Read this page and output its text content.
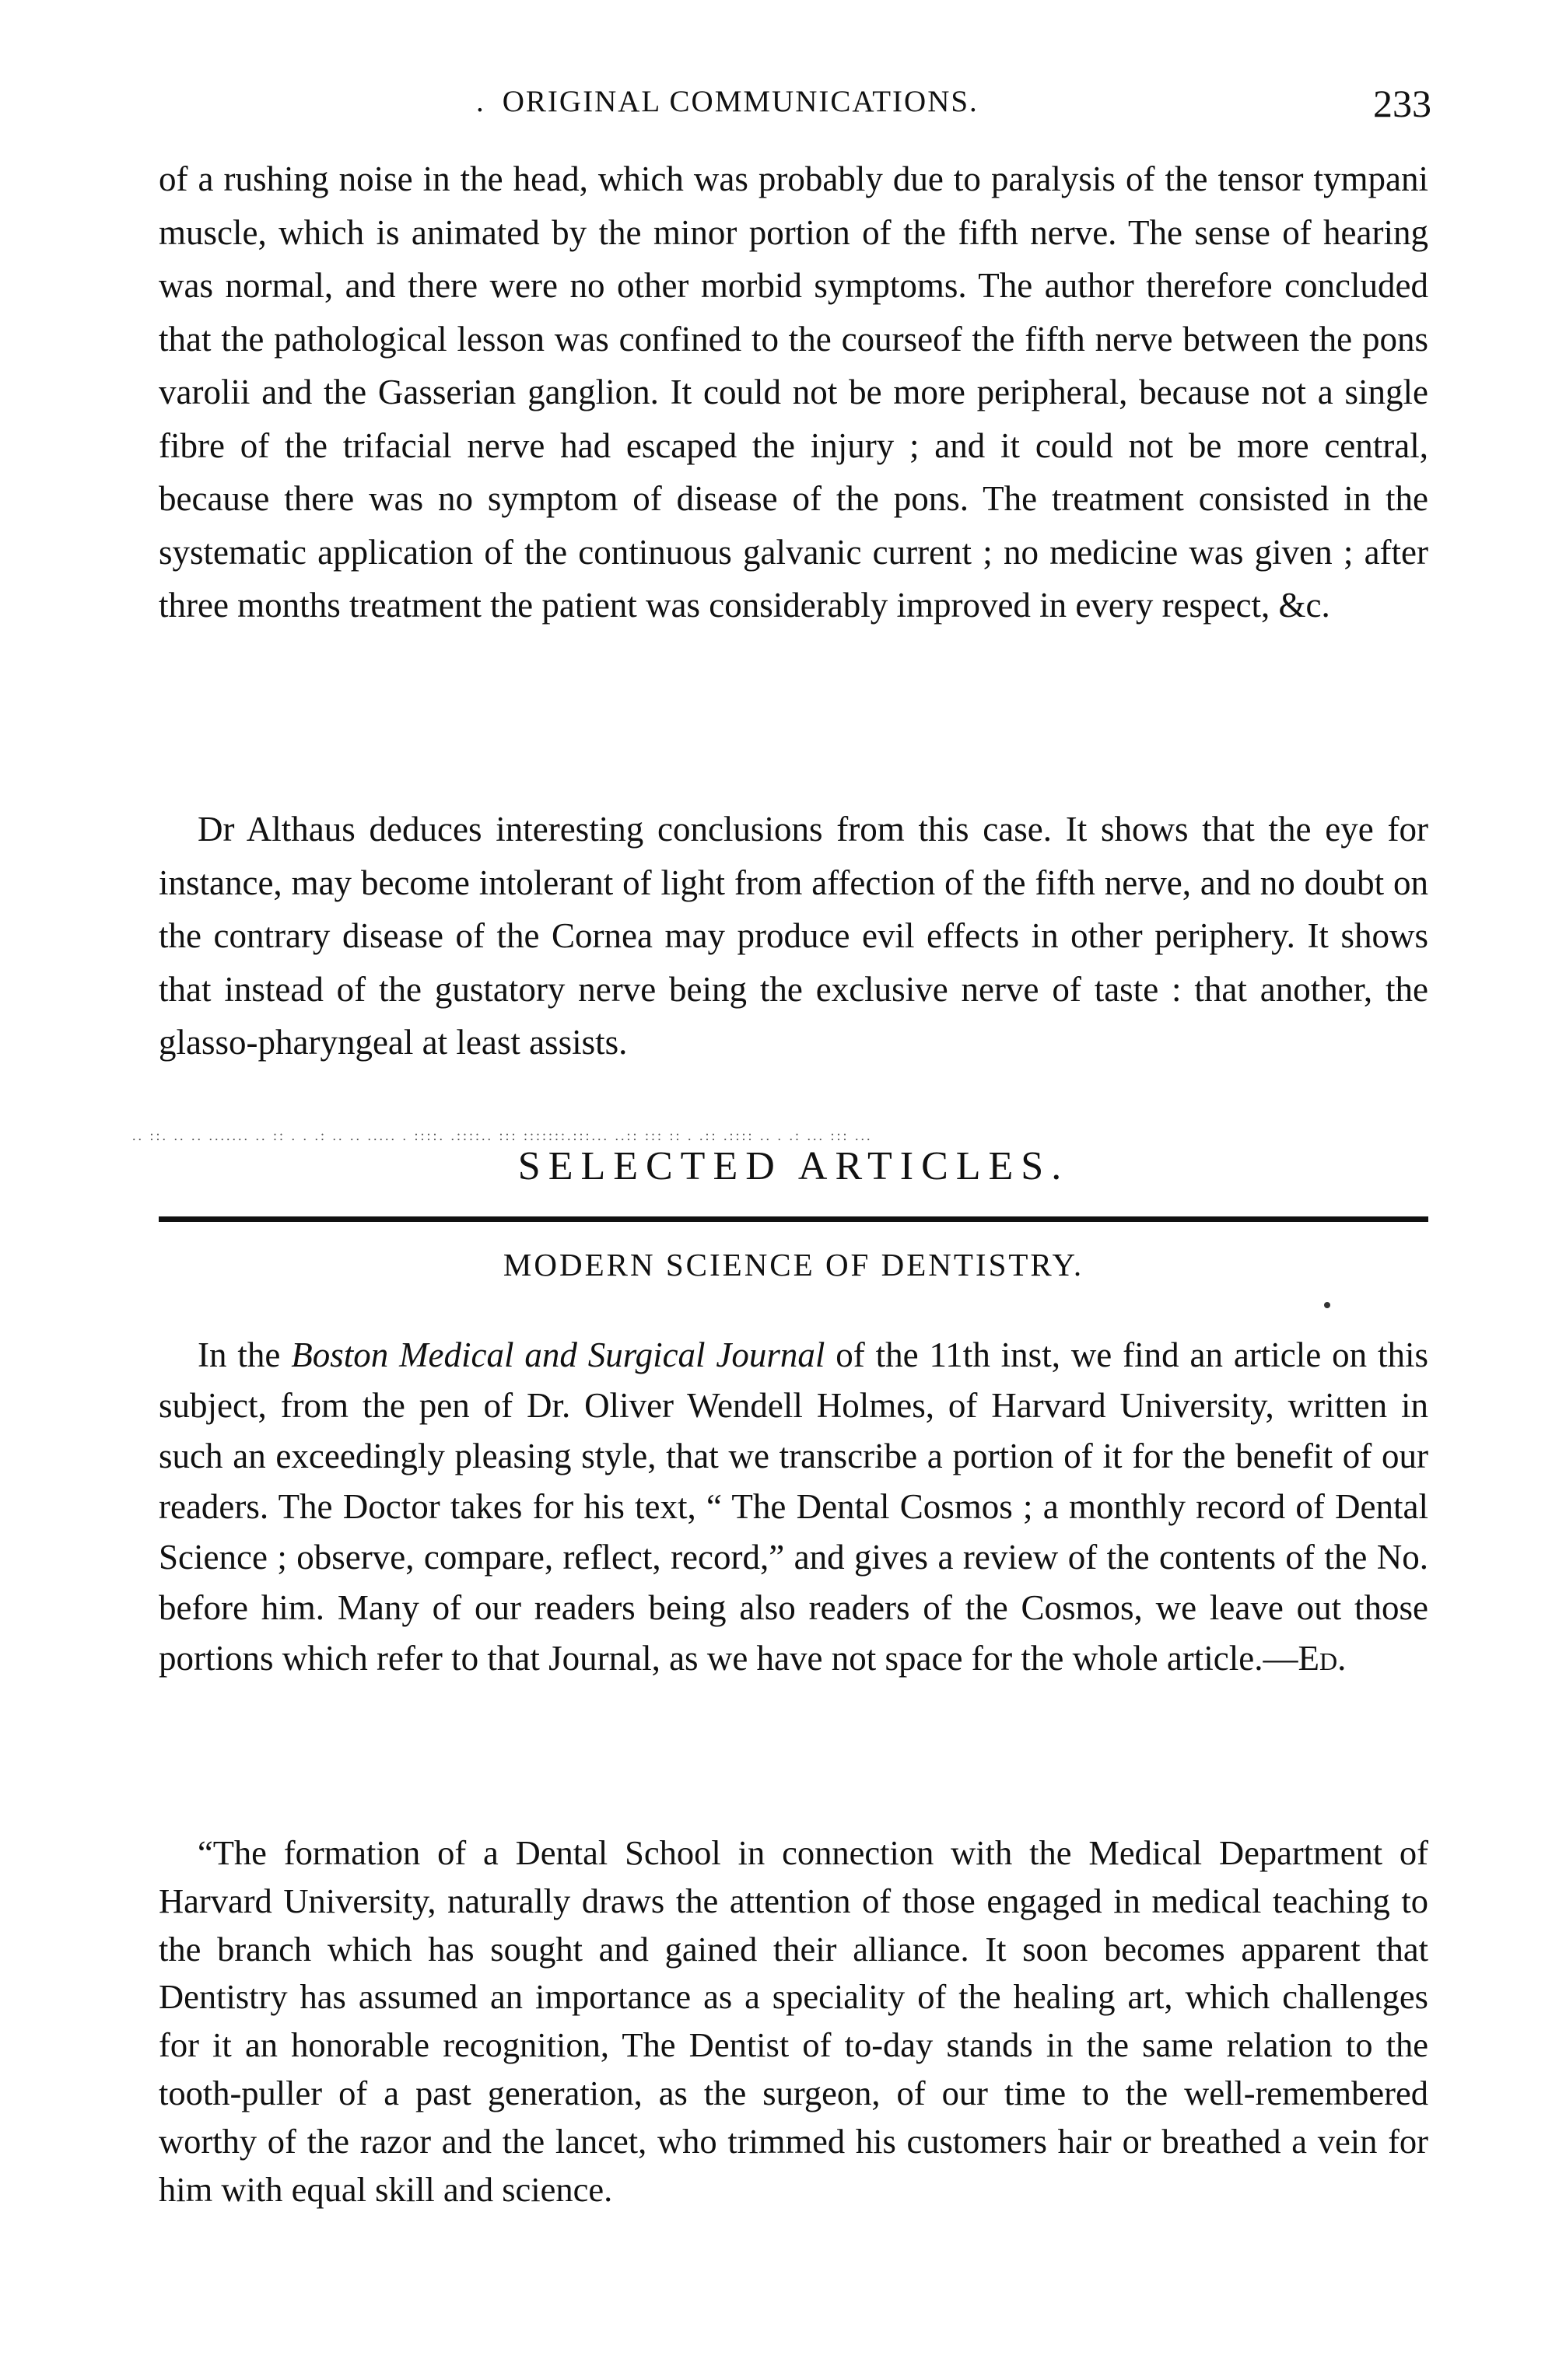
. ORIGINAL COMMUNICATIONS.	233

of a rushing noise in the head, which was probably due to paralysis of the tensor tympani muscle, which is animated by the minor portion of the fifth nerve. The sense of hearing was normal, and there were no other morbid symptoms. The author therefore concluded that the pathological lesson was confined to the courseof the fifth nerve between the pons varolii and the Gasserian ganglion. It could not be more peripheral, because not a single fibre of the trifacial nerve had escaped the injury ; and it could not be more central, because there was no symptom of disease of the pons. The treatment consisted in the systematic application of the continuous galvanic current ; no medicine was given ; after three months treatment the patient was considerably improved in every respect, &c.

Dr Althaus deduces interesting conclusions from this case. It shows that the eye for instance, may become intolerant of light from affection of the fifth nerve, and no doubt on the contrary disease of the Cornea may produce evil effects in other periphery. It shows that instead of the gustatory nerve being the exclusive nerve of taste : that another, the glasso-pharyngeal at least assists.

.. ::. .. .. ....... .. :: . . .: .. .. ..... . ::::. .::::.. ::: :::::::.:::... ..:: ::: :: . .:: .:::: .. . .: ... ::: ...
SELECTED ARTICLES.
MODERN SCIENCE OF DENTISTRY.

In the Boston Medical and Surgical Journal of the 11th inst, we find an article on this subject, from the pen of Dr. Oliver Wendell Holmes, of Harvard University, written in such an exceedingly pleasing style, that we transcribe a portion of it for the benefit of our readers. The Doctor takes for his text, “ The Dental Cosmos ; a monthly record of Dental Science ; observe, compare, reflect, record,” and gives a review of the contents of the No. before him. Many of our readers being also readers of the Cosmos, we leave out those portions which refer to that Journal, as we have not space for the whole article.—Ed.

“The formation of a Dental School in connection with the Medical Department of Harvard University, naturally draws the attention of those engaged in medical teaching to the branch which has sought and gained their alliance. It soon becomes apparent that Dentistry has assumed an importance as a speciality of the healing art, which challenges for it an honorable recognition, The Dentist of to-day stands in the same relation to the tooth-puller of a past generation, as the surgeon, of our time to the well-remembered worthy of the razor and the lancet, who trimmed his customers hair or breathed a vein for him with equal skill and science.
